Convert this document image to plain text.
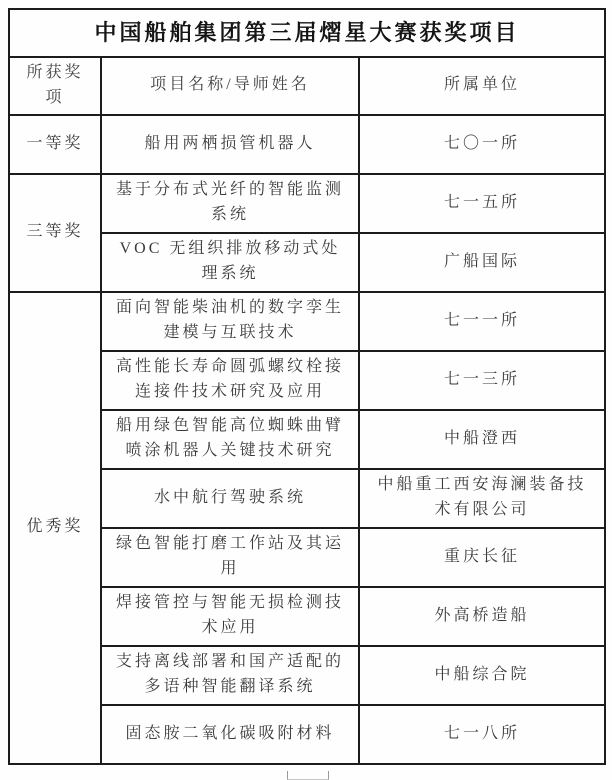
中国船舶集团第三届熠星大赛获奖项目		
所获奖项	项目名称/导师姓名	所属单位
一等奖	船用两栖损管机器人	七〇一所
三等奖	基于分布式光纤的智能监测系统	七一五所
	VOC 无组织排放移动式处理系统	广船国际
优秀奖	面向智能柴油机的数字孪生建模与互联技术	七一一所
	高性能长寿命圆弧螺纹栓接连接件技术研究及应用	七一三所
	船用绿色智能高位蜘蛛曲臂喷涂机器人关键技术研究	中船澄西
	水中航行驾驶系统	中船重工西安海澜装备技术有限公司
	绿色智能打磨工作站及其运用	重庆长征
	焊接管控与智能无损检测技术应用	外高桥造船
	支持离线部署和国产适配的多语种智能翻译系统	中船综合院
	固态胺二氧化碳吸附材料	七一八所
